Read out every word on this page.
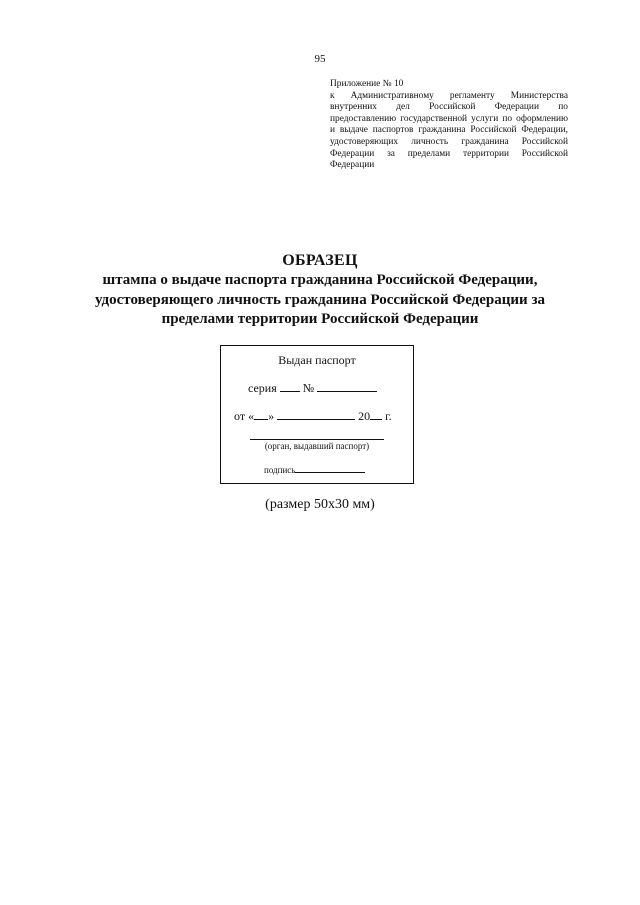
95
Приложение № 10
к Административному регламенту Министерства внутренних дел Российской Федерации по предоставлению государственной услуги по оформлению и выдаче паспортов гражданина Российской Федерации, удостоверяющих личность гражданина Российской Федерации за пределами территории Российской Федерации
ОБРАЗЕЦ
штампа о выдаче паспорта гражданина Российской Федерации,
удостоверяющего личность гражданина Российской Федерации за
пределами территории Российской Федерации
Выдан паспорт
серия №
от « »	20 г.
(орган, выдавший паспорт)
подпись
(размер 50х30 мм)
